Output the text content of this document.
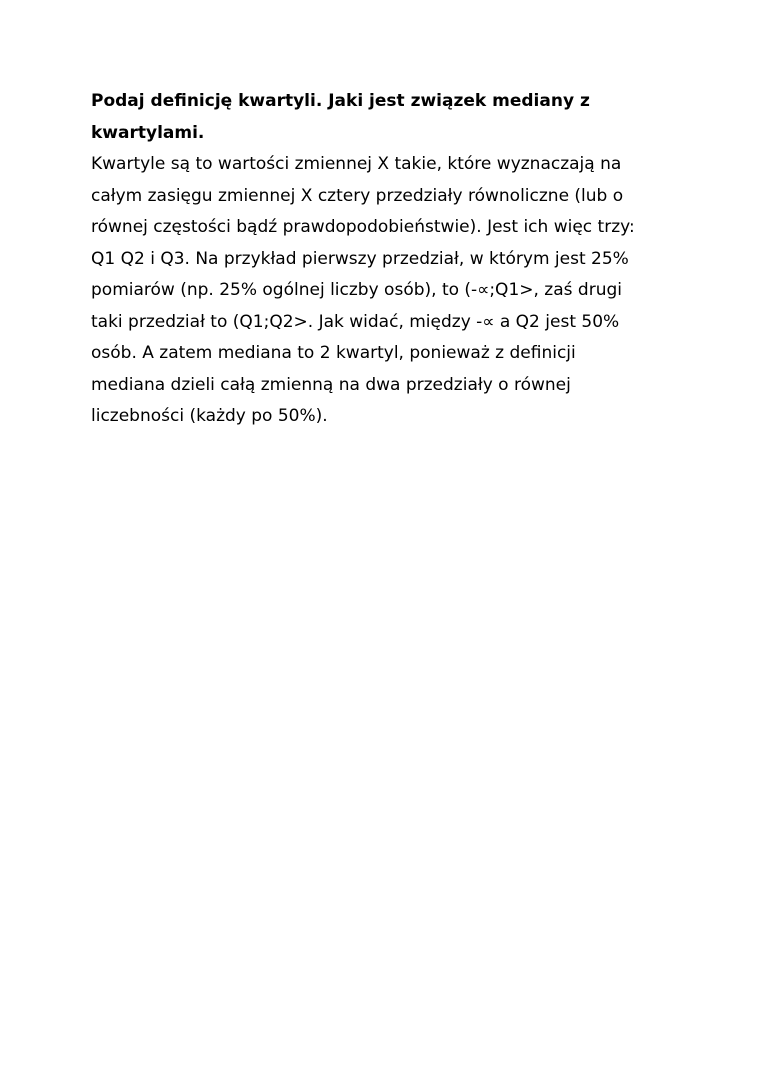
Podaj definicję kwartyli. Jaki jest związek mediany z
kwartylami.

Kwartyle są to wartości zmiennej X takie, które wyznaczają na
całym zasięgu zmiennej X cztery przedziały równoliczne (lub o
równej częstości bądź prawdopodobieństwie). Jest ich więc trzy:
Q1 Q2 i Q3. Na przykład pierwszy przedział, w którym jest 25%
pomiarów (np. 25% ogólnej liczby osób), to (-∝;Q1>, zaś drugi
taki przedział to (Q1;Q2>. Jak widać, między -∝ a Q2 jest 50%
osób. A zatem mediana to 2 kwartyl, ponieważ z definicji
mediana dzieli całą zmienną na dwa przedziały o równej
liczebności (każdy po 50%).
